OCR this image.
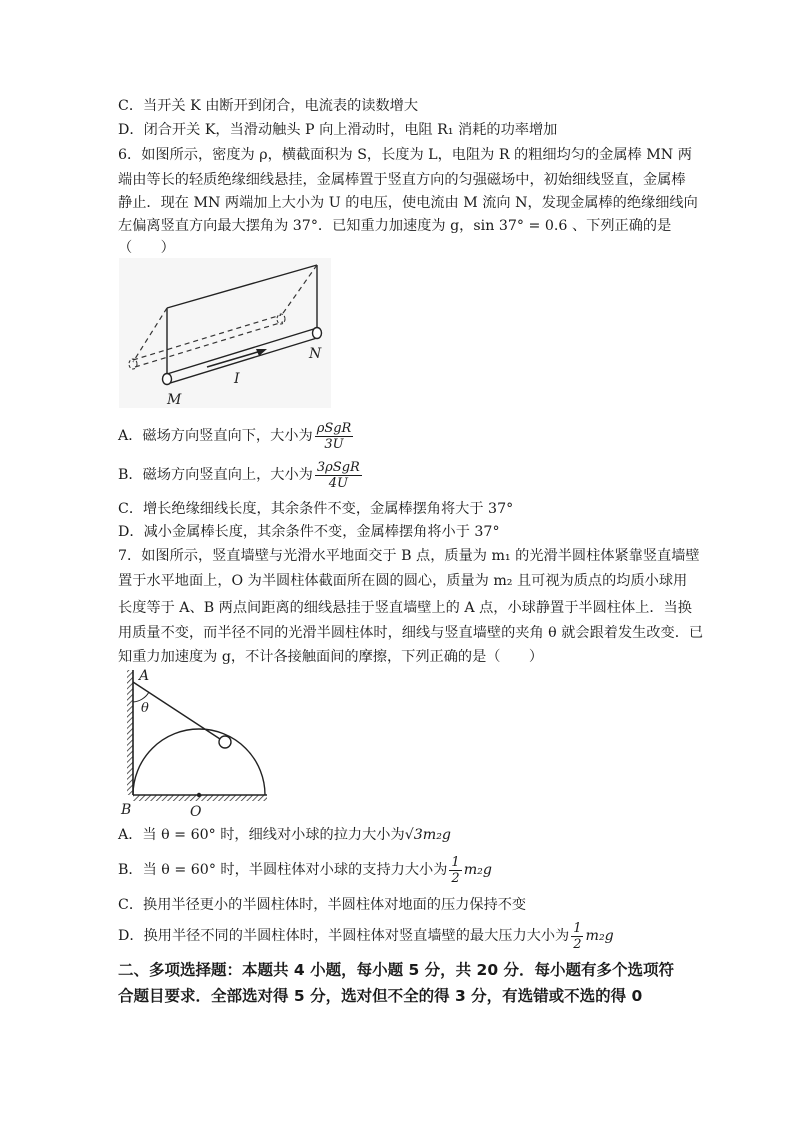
C．当开关 K 由断开到闭合，电流表的读数增大
D．闭合开关 K，当滑动触头 P 向上滑动时，电阻 R₁ 消耗的功率增加
6．如图所示，密度为 ρ，横截面积为 S，长度为 L，电阻为 R 的粗细均匀的金属棒 MN 两
端由等长的轻质绝缘细线悬挂，金属棒置于竖直方向的匀强磁场中，初始细线竖直，金属棒
静止．现在 MN 两端加上大小为 U 的电压，使电流由 M 流向 N，发现金属棒的绝缘细线向
左偏离竖直方向最大摆角为 37°．已知重力加速度为 g，sin 37° = 0.6 、下列正确的是
（　　）
M
N
I
A．磁场方向竖直向下，大小为 $\frac{\text{ρSgR}}{3U}$
B．磁场方向竖直向上，大小为 $\frac{\text{3ρSgR}}{4U}$
C．增长绝缘细线长度，其余条件不变，金属棒摆角将大于 37°
D．减小金属棒长度，其余条件不变，金属棒摆角将小于 37°
7．如图所示，竖直墙壁与光滑水平地面交于 B 点，质量为 m₁ 的光滑半圆柱体紧靠竖直墙壁
置于水平地面上，O 为半圆柱体截面所在圆的圆心，质量为 m₂ 且可视为质点的均质小球用
长度等于 A、B 两点间距离的细线悬挂于竖直墙壁上的 A 点，小球静置于半圆柱体上．当换
用质量不变，而半径不同的光滑半圆柱体时，细线与竖直墙壁的夹角 θ 就会跟着发生改变．已
知重力加速度为 g，不计各接触面间的摩擦，下列正确的是（　　）
A
θ
B	O
A．当 θ = 60° 时，细线对小球的拉力大小为√3m₂g
B．当 θ = 60° 时，半圆柱体对小球的支持力大小为 $\frac{1}{2} m_2g$
C．换用半径更小的半圆柱体时，半圆柱体对地面的压力保持不变
D．换用半径不同的半圆柱体时，半圆柱体对竖直墙壁的最大压力大小为 $\frac{1}{2} m_2g$
二、多项选择题：本题共 4 小题，每小题 5 分，共 20 分．每小题有多个选项符
合题目要求．全部选对得 5 分，选对但不全的得 3 分，有选错或不选的得 0
